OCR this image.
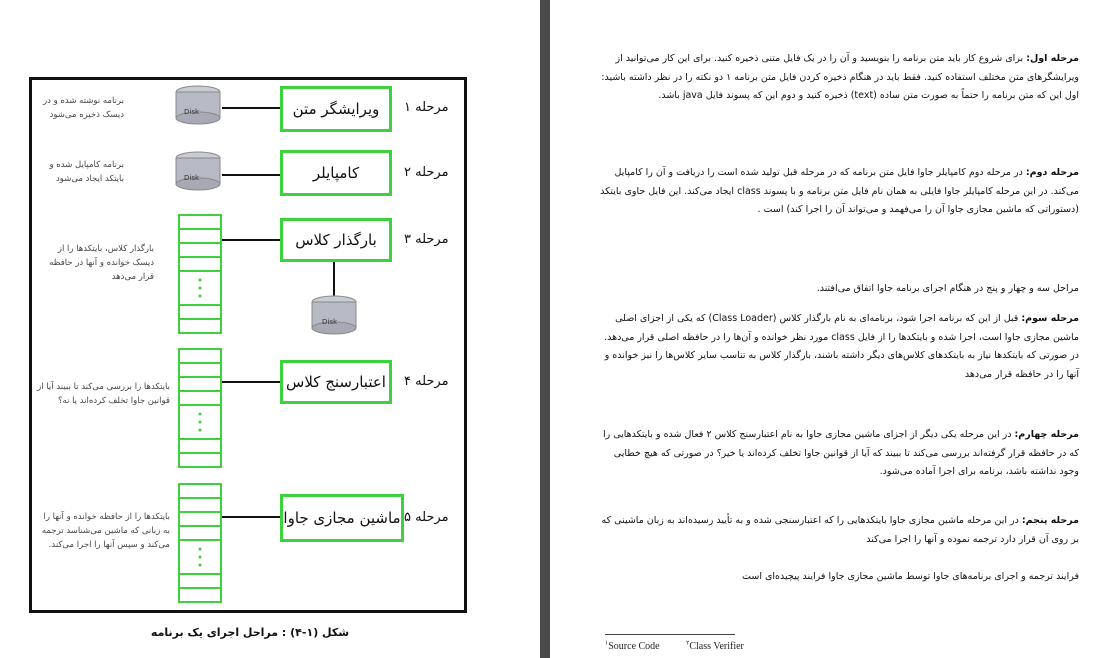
Disk
Disk
Disk
ویرایشگر متن
کامپایلر
بارگذار کلاس
اعتبارسنج کلاس
ماشین مجازی جاوا
مرحله ۱
مرحله ۲
مرحله ۳
مرحله ۴
مرحله ۵
برنامه نوشته شده و در دیسک ذخیره می‌شود
برنامه کامپایل شده و بایتکد ایجاد می‌شود
بارگذار کلاس، بایتکدها را از دیسک خوانده و آنها در حافظه قرار می‌دهد
بایتکدها را بررسی می‌کند تا ببیند آیا از قوانین جاوا تخلف کرده‌اند یا نه؟
بایتکدها را از حافظه خوانده و آنها را به زبانی که ماشین می‌شناسد ترجمه می‌کند و سپس آنها را اجرا می‌کند.
شکل (۱-۴) : مراحل اجرای یک برنامه
مرحله اول: برای شروع کار باید متن برنامه را بنویسید و آن را در یک فایل متنی ذخیره کنید. برای این کار می‌توانید از ویرایشگرهای متن مختلف استفاده کنید. فقط باید در هنگام ذخیره کردن فایل متن برنامه ۱ دو نکته را در نظر داشته باشید: اول این که متن برنامه را حتماً به صورت متن ساده (text) ذخیره کنید و دوم این که پسوند فایل java باشد.
مرحله دوم: در مرحله دوم کامپایلر جاوا فایل متن برنامه که در مرحله قبل تولید شده است را دریافت و آن را کامپایل می‌کند. در این مرحله کامپایلر جاوا فایلی به همان نام فایل متن برنامه و با پسوند class ایجاد می‌کند. این فایل حاوی بایتکد (دستوراتی که ماشین مجازی جاوا آن را می‌فهمد و می‌تواند آن را اجرا کند) است .
مراحل سه و چهار و پنج در هنگام اجرای برنامه جاوا اتفاق می‌افتند.
مرحله سوم: قبل از این که برنامه اجرا شود، برنامه‌ای به نام بارگذار کلاس (Class Loader) که یکی از اجزای اصلی ماشین مجازی جاوا است، اجرا شده و بایتکدها را از فایل class مورد نظر خوانده و آن‌ها را در حافظه اصلی قرار می‌دهد. در صورتی که بایتکدها نیاز به بایتکدهای کلاس‌های دیگر داشته باشند، بارگذار کلاس به تناسب سایر کلاس‌ها را نیز خوانده و آنها را در حافظه قرار می‌دهد
مرحله چهارم: در این مرحله یکی دیگر از اجزای ماشین مجازی جاوا به نام اعتبارسنج کلاس ۲ فعال شده و بایتکدهایی را که در حافظه قرار گرفته‌اند بررسی می‌کند تا ببیند که آیا از قوانین جاوا تخلف کرده‌اند یا خیر؟ در صورتی که هیچ خطایی وجود نداشته باشد، برنامه برای اجرا آماده می‌شود.
مرحله پنجم: در این مرحله ماشین مجازی جاوا بایتکدهایی را که اعتبارسنجی شده و به تأیید رسیده‌اند به زبان ماشینی که بر روی آن قرار دارد ترجمه نموده و آنها را اجرا می‌کند
فرایند ترجمه و اجرای برنامه‌های جاوا توسط ماشین مجازی جاوا فرایند پیچیده‌ای است
$^۱$Source Code	$^۲$Class Verifier
